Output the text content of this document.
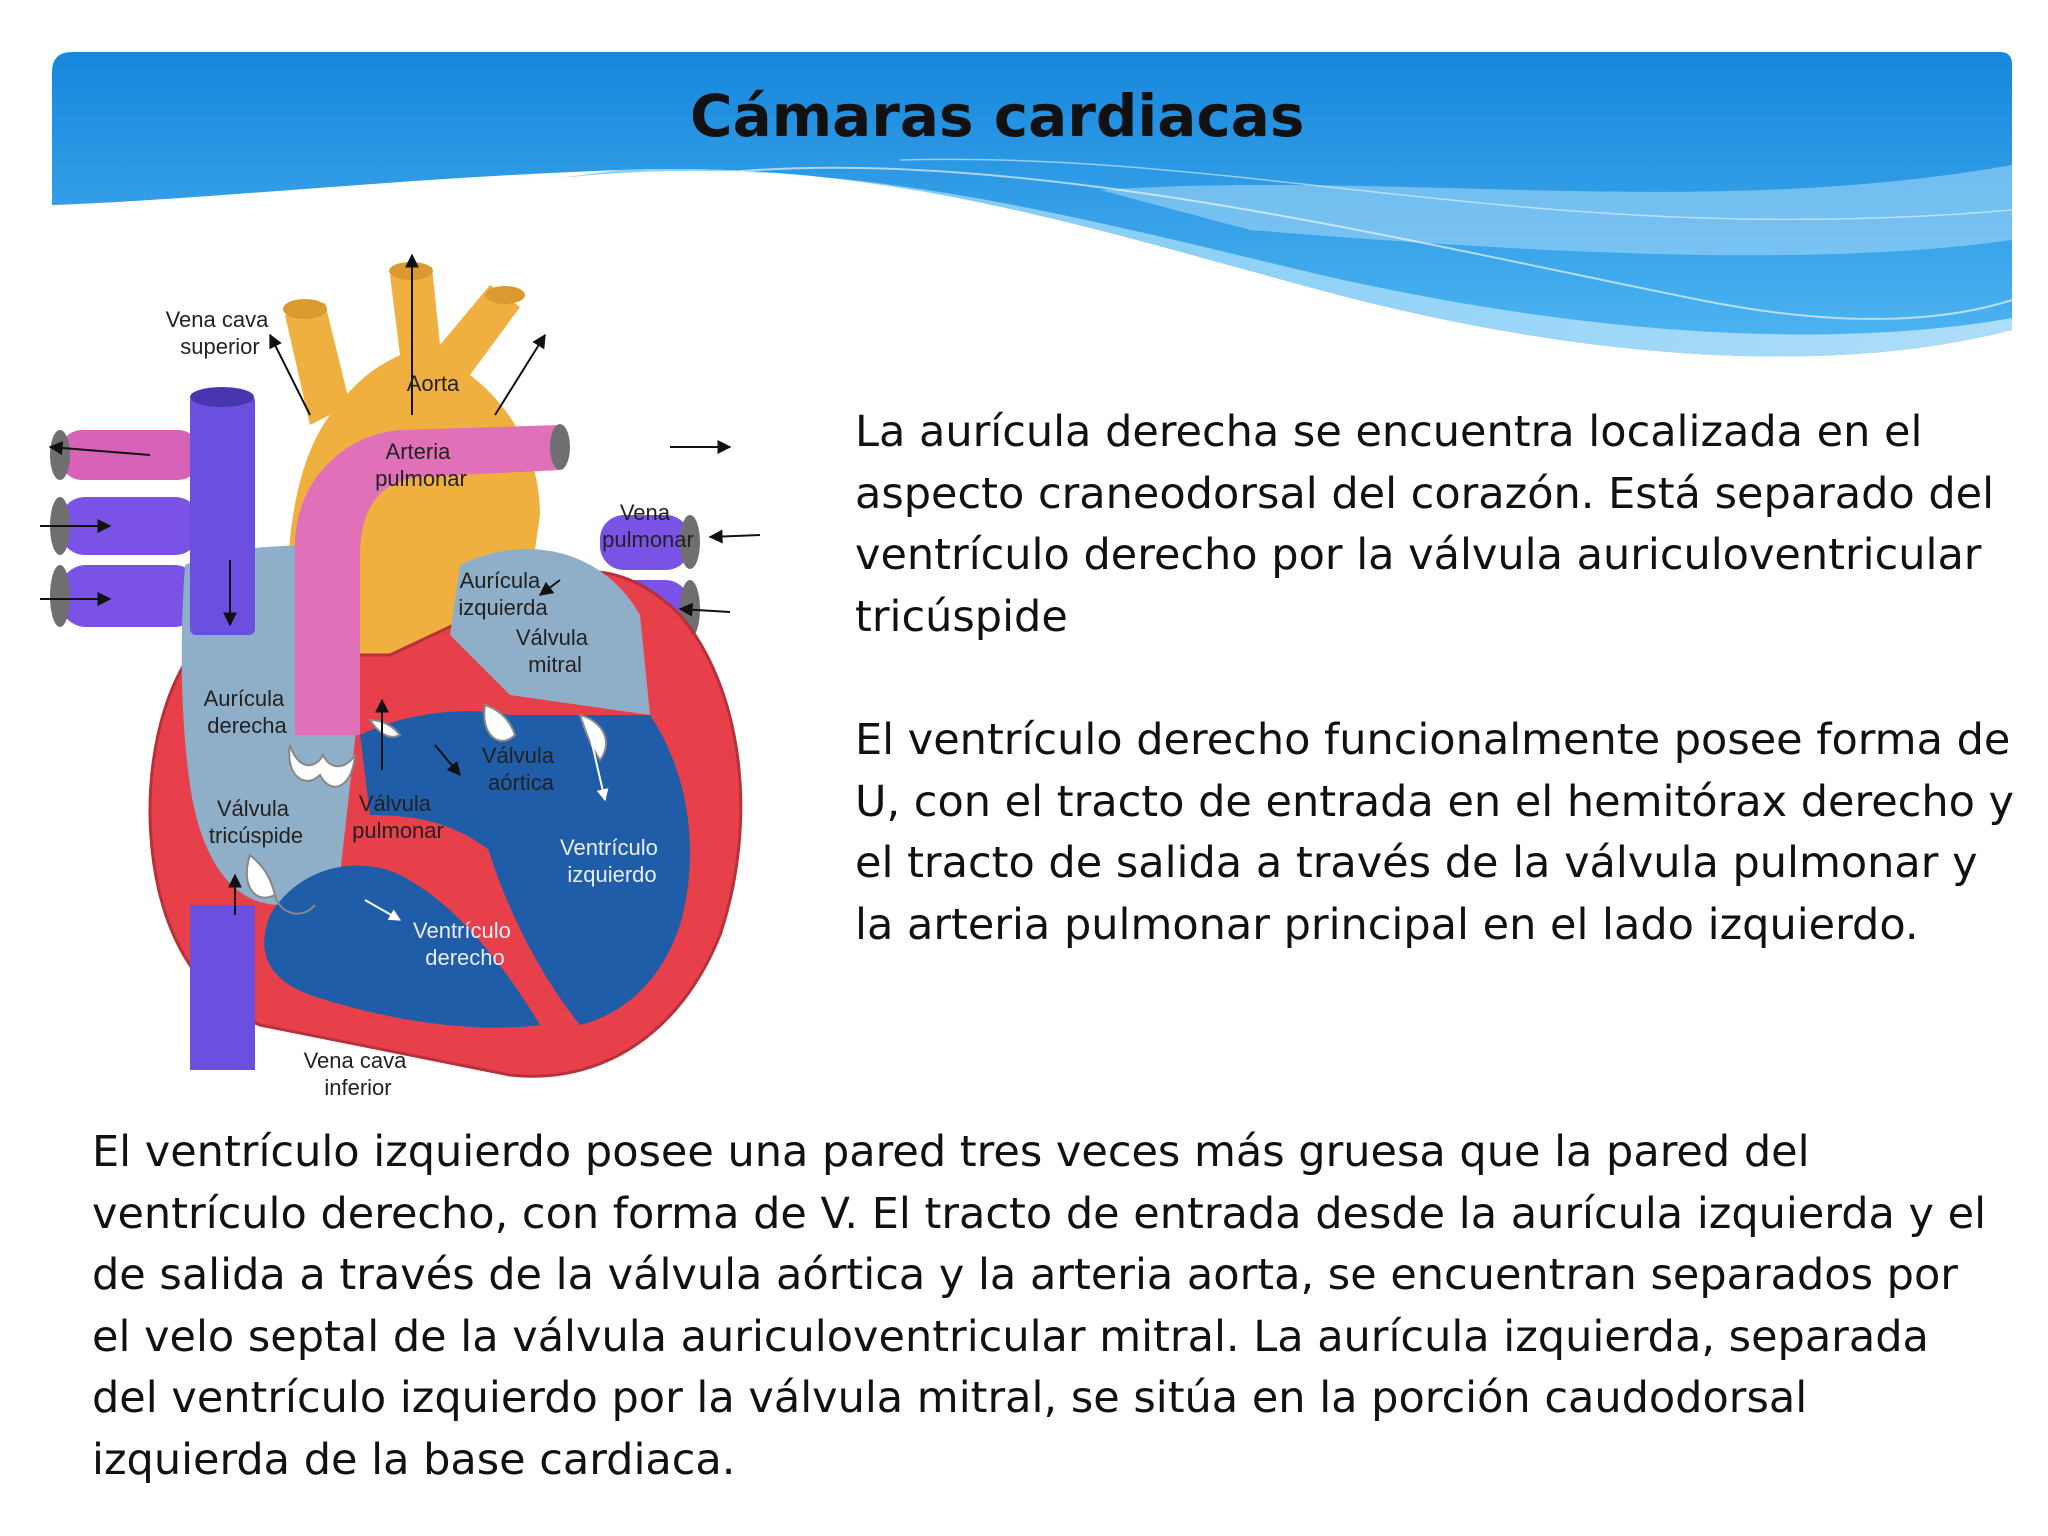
Cámaras cardiacas
Vena cava superior
Aorta
Arteria pulmonar
Vena pulmonar
Aurícula izquierda
Válvula mitral
Aurícula derecha
Válvula aórtica
Válvula tricúspide
Válvula pulmonar
Ventrículo izquierdo
Ventrículo derecho
Vena cava inferior

La aurícula derecha se encuentra localizada en el aspecto craneodorsal del corazón. Está separado del ventrículo derecho por la válvula auriculoventricular tricúspide

El ventrículo derecho funcionalmente posee forma de U, con el tracto de entrada en el hemitórax derecho y el tracto de salida a través de la válvula pulmonar y la arteria pulmonar principal en el lado izquierdo.

El ventrículo izquierdo posee una pared tres veces más gruesa que la pared del ventrículo derecho, con forma de V. El tracto de entrada desde la aurícula izquierda y el de salida a través de la válvula aórtica y la arteria aorta, se encuentran separados por el velo septal de la válvula auriculoventricular mitral. La aurícula izquierda, separada del ventrículo izquierdo por la válvula mitral, se sitúa en la porción caudodorsal izquierda de la base cardiaca.
